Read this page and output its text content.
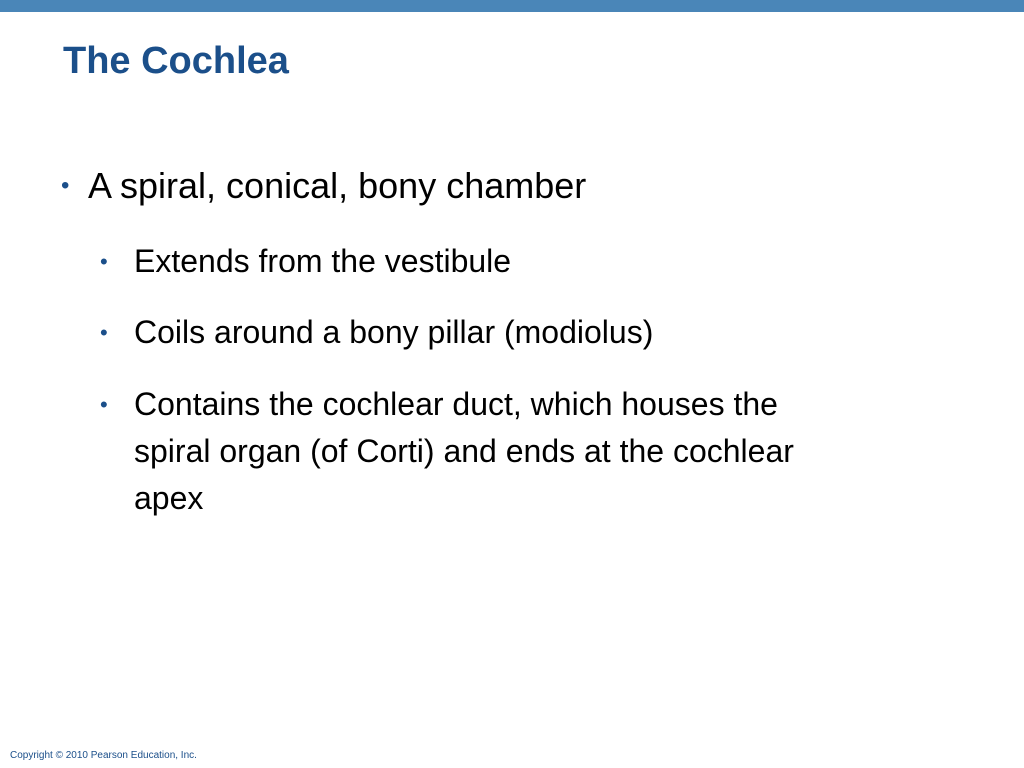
The Cochlea
• A spiral, conical, bony chamber
• Extends from the vestibule
• Coils around a bony pillar (modiolus)
• Contains the cochlear duct, which houses the
spiral organ (of Corti) and ends at the cochlear
apex
Copyright © 2010 Pearson Education, Inc.
